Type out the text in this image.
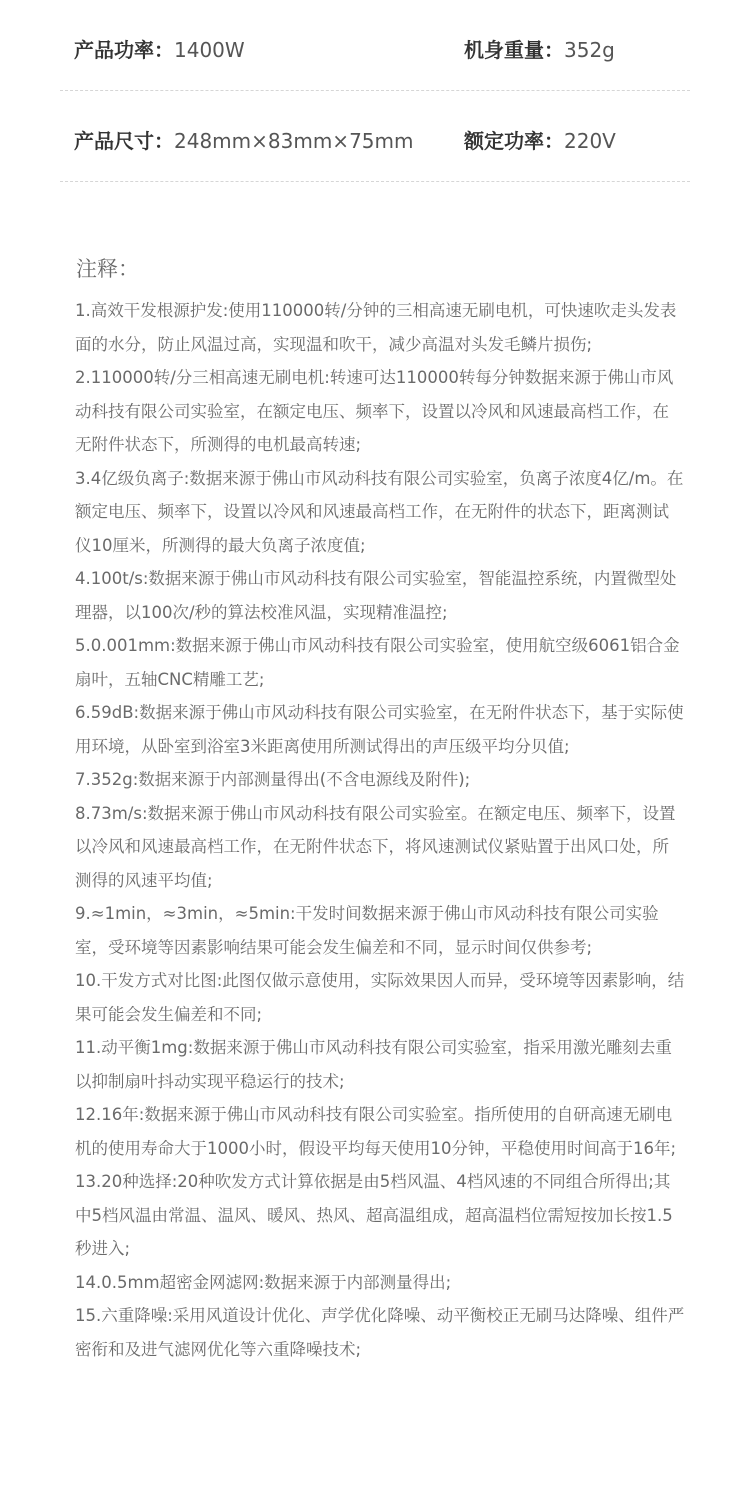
产品功率：1400W	机身重量：352g
产品尺寸：248mm×83mm×75mm	额定功率：220V
注释：

1.高效干发根源护发:使用110000转/分钟的三相高速无刷电机，可快速吹走头发表面的水分，防止风温过高，实现温和吹干，减少高温对头发毛鳞片损伤;

2.110000转/分三相高速无刷电机:转速可达110000转每分钟数据来源于佛山市风动科技有限公司实验室，在额定电压、频率下，设置以冷风和风速最高档工作，在无附件状态下，所测得的电机最高转速;

3.4亿级负离子:数据来源于佛山市风动科技有限公司实验室，负离子浓度4亿/m。在额定电压、频率下，设置以冷风和风速最高档工作，在无附件的状态下，距离测试仪10厘米，所测得的最大负离子浓度值;

4.100t/s:数据来源于佛山市风动科技有限公司实验室，智能温控系统，内置微型处理器，以100次/秒的算法校准风温，实现精准温控;

5.0.001mm:数据来源于佛山市风动科技有限公司实验室，使用航空级6061铝合金扇叶，五轴CNC精雕工艺;

6.59dB:数据来源于佛山市风动科技有限公司实验室，在无附件状态下，基于实际使用环境，从卧室到浴室3米距离使用所测试得出的声压级平均分贝值;

7.352g:数据来源于内部测量得出(不含电源线及附件);

8.73m/s:数据来源于佛山市风动科技有限公司实验室。在额定电压、频率下，设置以冷风和风速最高档工作，在无附件状态下，将风速测试仪紧贴置于出风口处，所测得的风速平均值;

9.≈1min，≈3min，≈5min:干发时间数据来源于佛山市风动科技有限公司实验室，受环境等因素影响结果可能会发生偏差和不同，显示时间仅供参考;

10.干发方式对比图:此图仅做示意使用，实际效果因人而异，受环境等因素影响，结果可能会发生偏差和不同;

11.动平衡1mg:数据来源于佛山市风动科技有限公司实验室，指采用激光雕刻去重以抑制扇叶抖动实现平稳运行的技术;

12.16年:数据来源于佛山市风动科技有限公司实验室。指所使用的自研高速无刷电机的使用寿命大于1000小时，假设平均每天使用10分钟，平稳使用时间高于16年;

13.20种选择:20种吹发方式计算依据是由5档风温、4档风速的不同组合所得出;其中5档风温由常温、温风、暖风、热风、超高温组成，超高温档位需短按加长按1.5秒进入;

14.0.5mm超密金网滤网:数据来源于内部测量得出;

15.六重降噪:采用风道设计优化、声学优化降噪、动平衡校正无刷马达降噪、组件严密衔和及进气滤网优化等六重降噪技术;
